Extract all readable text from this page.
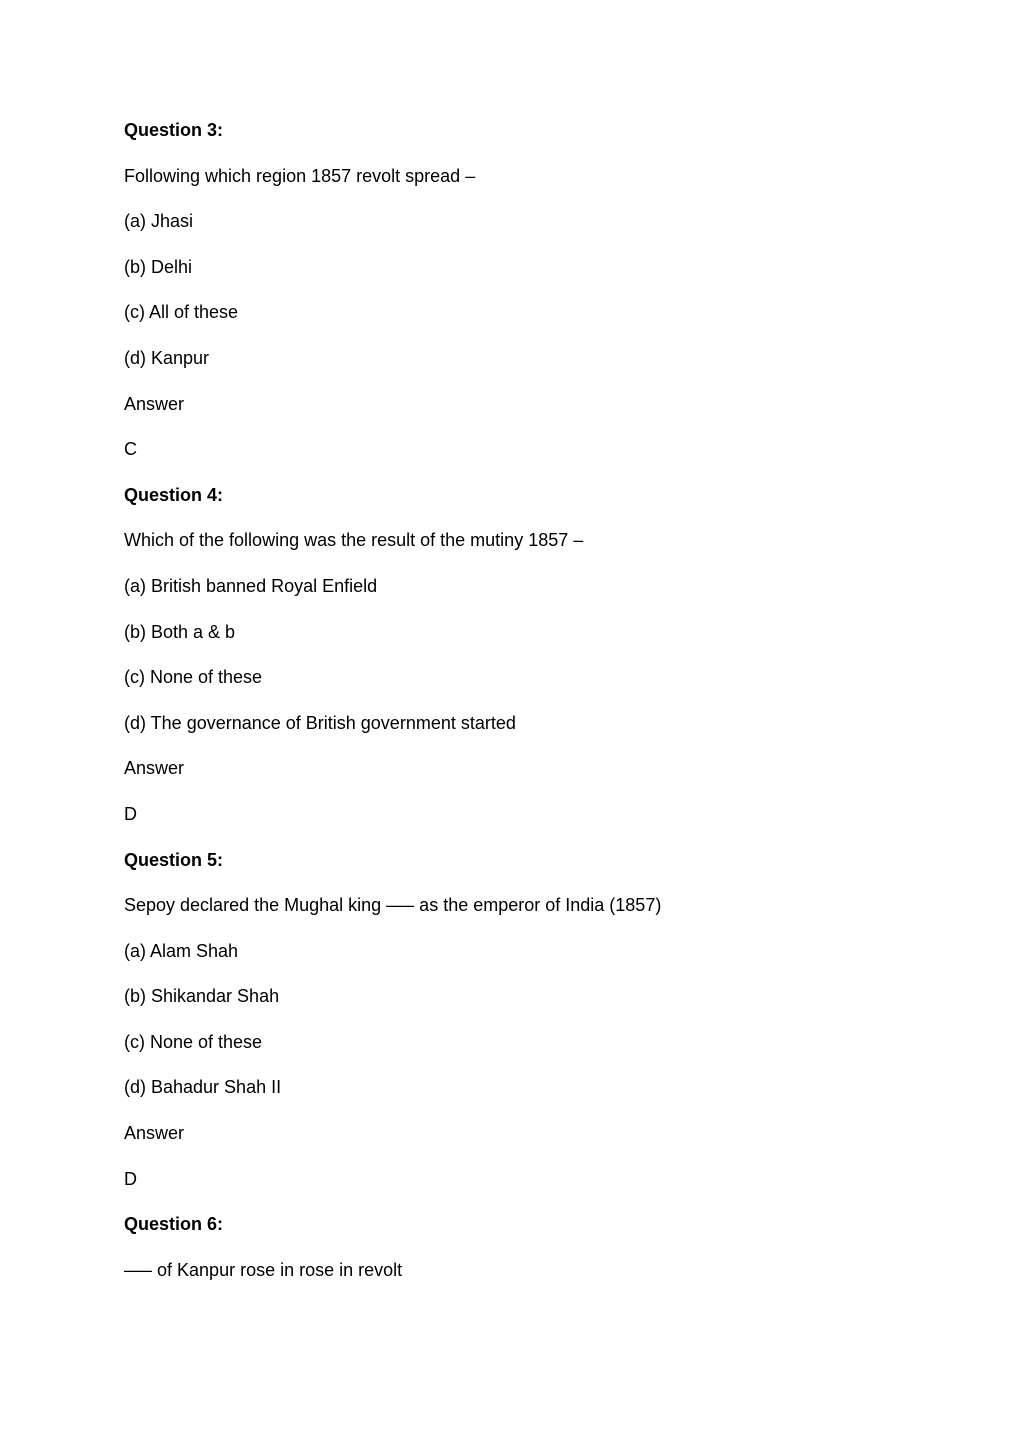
Question 3:
Following which region 1857 revolt spread –
(a) Jhasi
(b) Delhi
(c) All of these
(d) Kanpur
Answer
C
Question 4:
Which of the following was the result of the mutiny 1857 –
(a) British banned Royal Enfield
(b) Both a & b
(c) None of these
(d) The governance of British government started
Answer
D
Question 5:
Sepoy declared the Mughal king —– as the emperor of India (1857)
(a) Alam Shah
(b) Shikandar Shah
(c) None of these
(d) Bahadur Shah II
Answer
D
Question 6:
—– of Kanpur rose in rose in revolt
